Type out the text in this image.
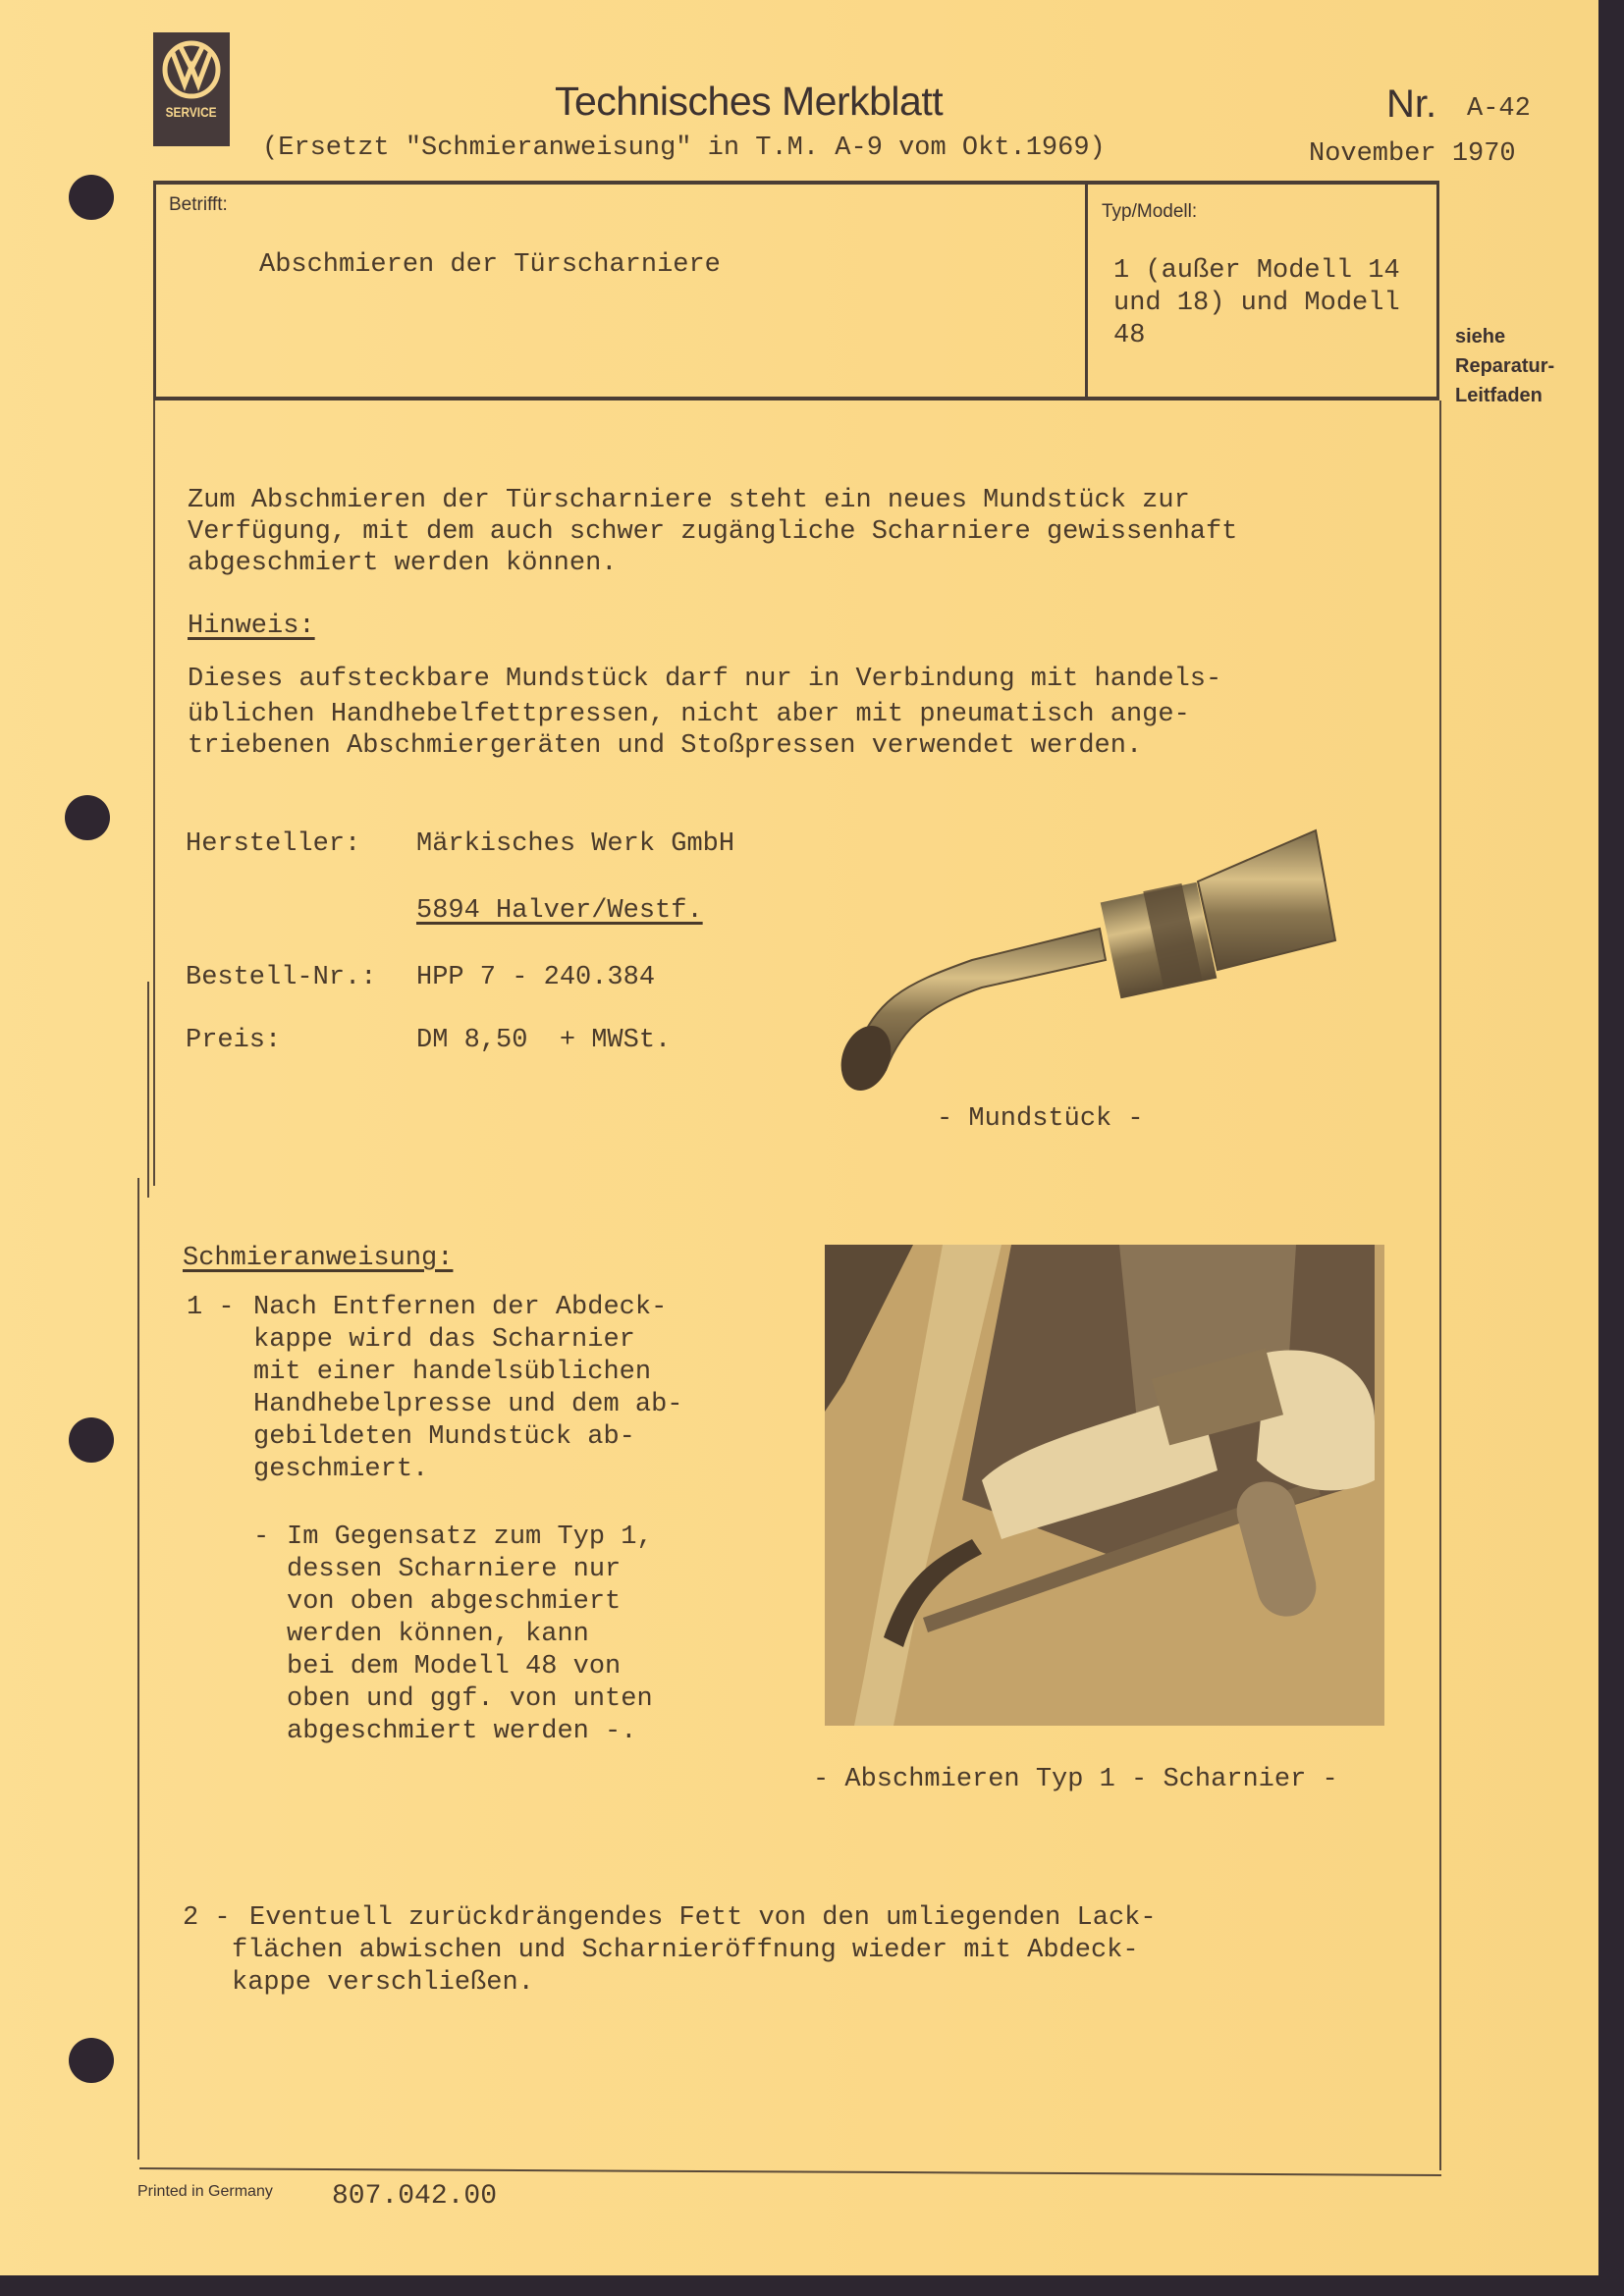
SERVICE	Technisches Merkblatt
(Ersetzt "Schmieranweisung" in T.M. A-9 vom Okt.1969)
Nr. A-42
November 1970
Betrifft:
Abschmieren der Türscharniere
Typ/Modell:
1 (außer Modell 14
und 18) und Modell
48	siehe
Reparatur-
Leitfaden
Zum Abschmieren der Türscharniere steht ein neues Mundstück zur
Verfügung, mit dem auch schwer zugängliche Scharniere gewissenhaft
abgeschmiert werden können.
Hinweis:
Dieses aufsteckbare Mundstück darf nur in Verbindung mit handels-
üblichen Handhebelfettpressen, nicht aber mit pneumatisch ange-
triebenen Abschmiergeräten und Stoßpressen verwendet werden.
Hersteller: Märkisches Werk GmbH
5894 Halver/Westf.
Bestell-Nr.: HPP 7 - 240.384
Preis:	DM 8,50  + MWSt.
- Mundstück -
Schmieranweisung:
1 - Nach Entfernen der Abdeck-
kappe wird das Scharnier
mit einer handelsüblichen
Handhebelpresse und dem ab-
gebildeten Mundstück ab-
geschmiert.
- Im Gegensatz zum Typ 1,
dessen Scharniere nur
von oben abgeschmiert
werden können, kann
bei dem Modell 48 von
oben und ggf. von unten
abgeschmiert werden -.
- Abschmieren Typ 1 - Scharnier -
2 - Eventuell zurückdrängendes Fett von den umliegenden Lack-
flächen abwischen und Scharnieröffnung wieder mit Abdeck-
kappe verschließen.
Printed in Germany 807.042.00
